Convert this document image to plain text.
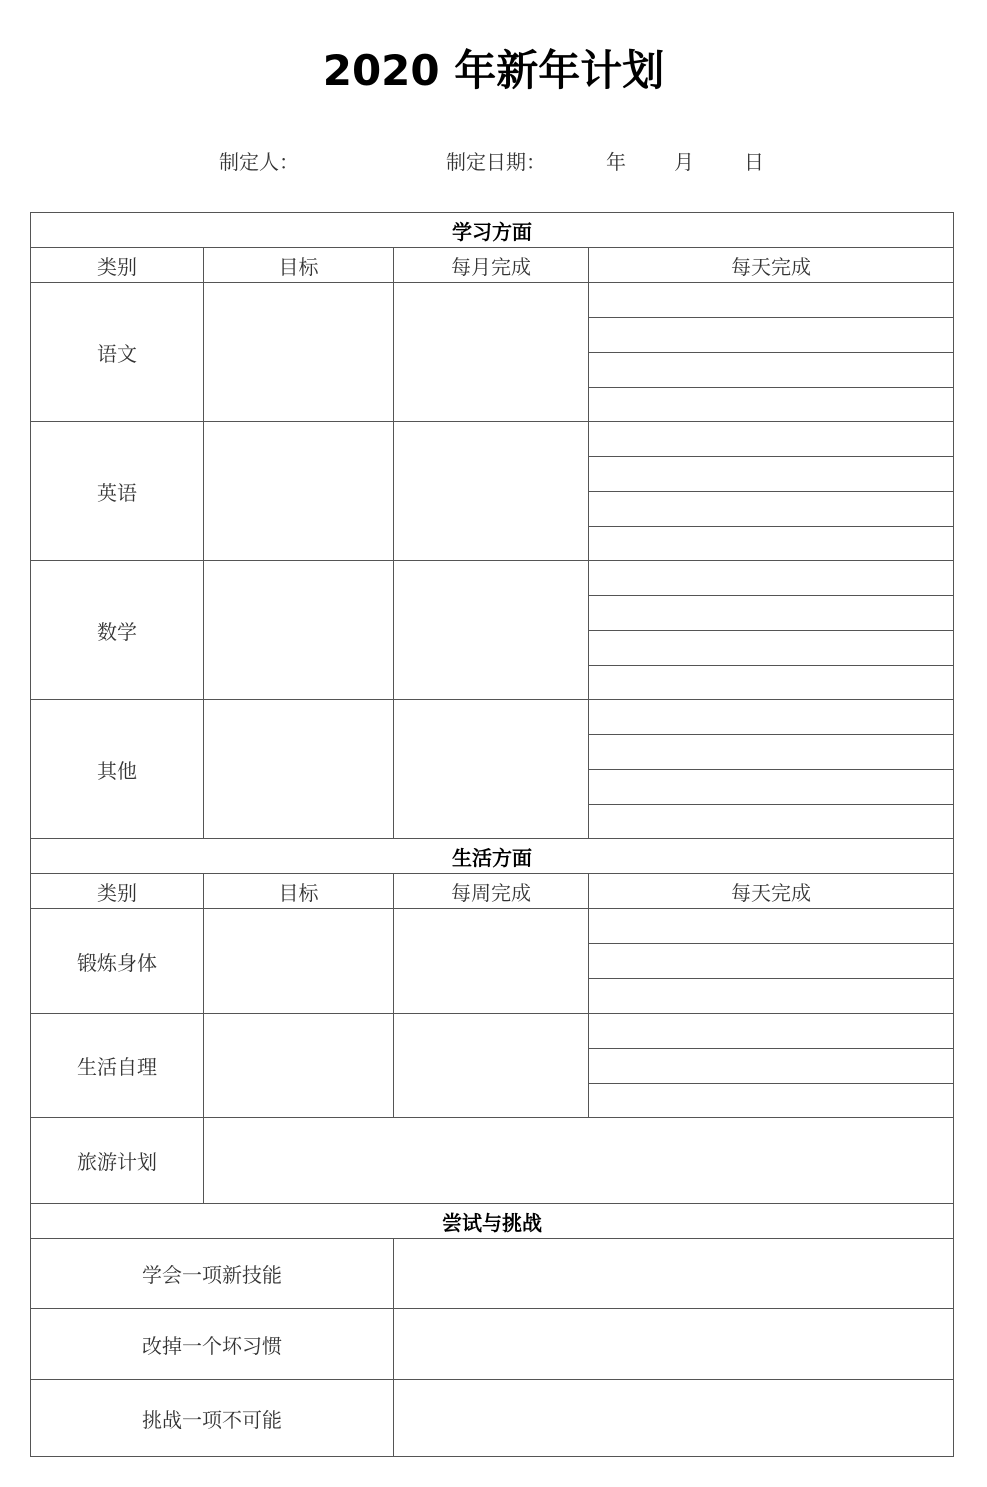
2020 年新年计划
制定人：	制定日期：	年 月	日
学习方面			
类别	目标	每月完成	每天完成
语文			

英语			

数学			

其他			

生活方面			
类别	目标	每周完成	每天完成
锻炼身体			

生活自理			

旅游计划			
尝试与挑战			
学会一项新技能			
改掉一个坏习惯			
挑战一项不可能			
